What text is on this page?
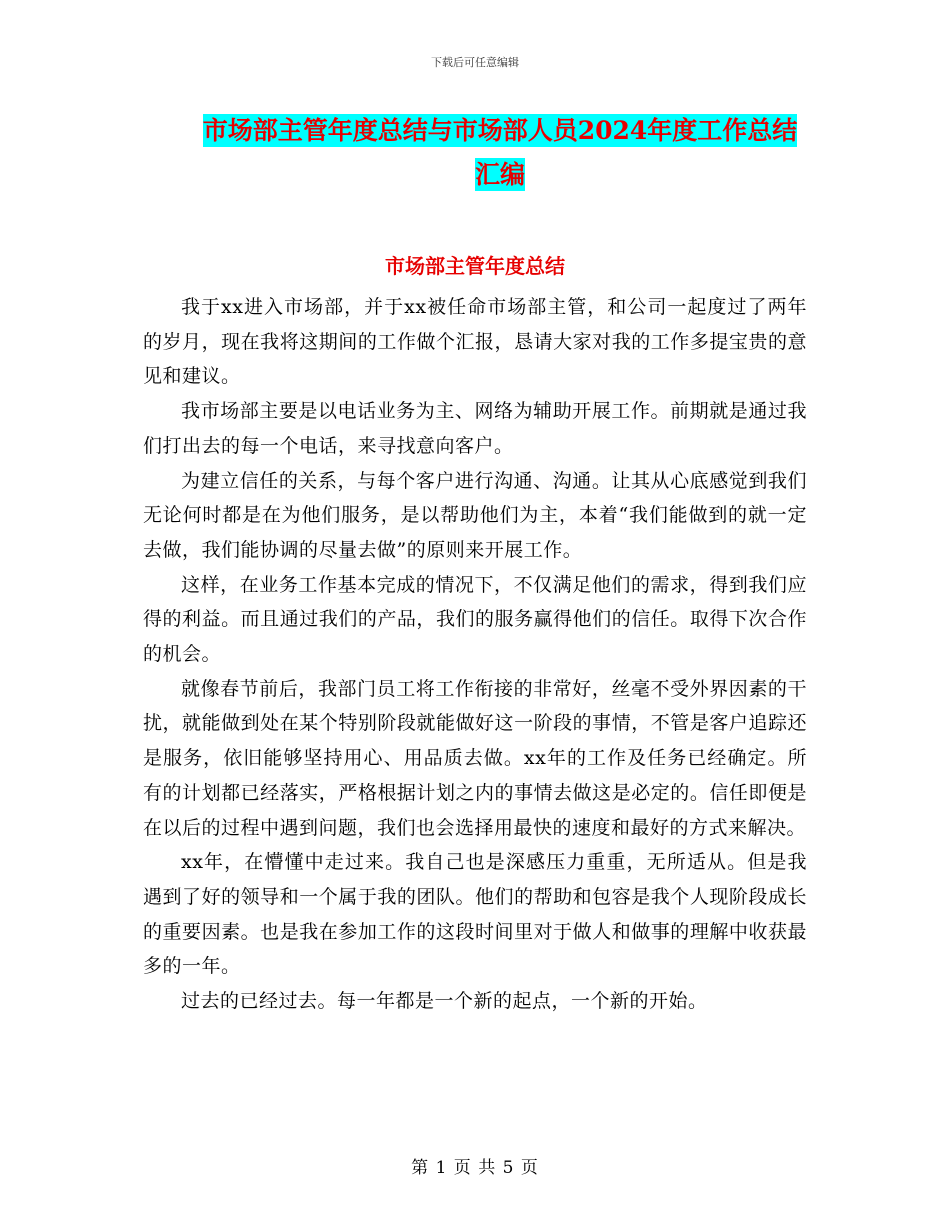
下载后可任意编辑
市场部主管年度总结与市场部人员2024年度工作总结
汇编
市场部主管年度总结

我于xx进入市场部，并于xx被任命市场部主管，和公司一起度过了两年的岁月，现在我将这期间的工作做个汇报，恳请大家对我的工作多提宝贵的意见和建议。

我市场部主要是以电话业务为主、网络为辅助开展工作。前期就是通过我们打出去的每一个电话，来寻找意向客户。

为建立信任的关系，与每个客户进行沟通、沟通。让其从心底感觉到我们无论何时都是在为他们服务，是以帮助他们为主，本着“我们能做到的就一定去做，我们能协调的尽量去做”的原则来开展工作。

这样，在业务工作基本完成的情况下，不仅满足他们的需求，得到我们应得的利益。而且通过我们的产品，我们的服务赢得他们的信任。取得下次合作的机会。

就像春节前后，我部门员工将工作衔接的非常好，丝毫不受外界因素的干扰，就能做到处在某个特别阶段就能做好这一阶段的事情，不管是客户追踪还是服务，依旧能够坚持用心、用品质去做。xx年的工作及任务已经确定。所有的计划都已经落实，严格根据计划之内的事情去做这是必定的。信任即便是在以后的过程中遇到问题，我们也会选择用最快的速度和最好的方式来解决。

xx年，在懵懂中走过来。我自己也是深感压力重重，无所适从。但是我遇到了好的领导和一个属于我的团队。他们的帮助和包容是我个人现阶段成长的重要因素。也是我在参加工作的这段时间里对于做人和做事的理解中收获最多的一年。

过去的已经过去。每一年都是一个新的起点，一个新的开始。

第 1 页 共 5 页
